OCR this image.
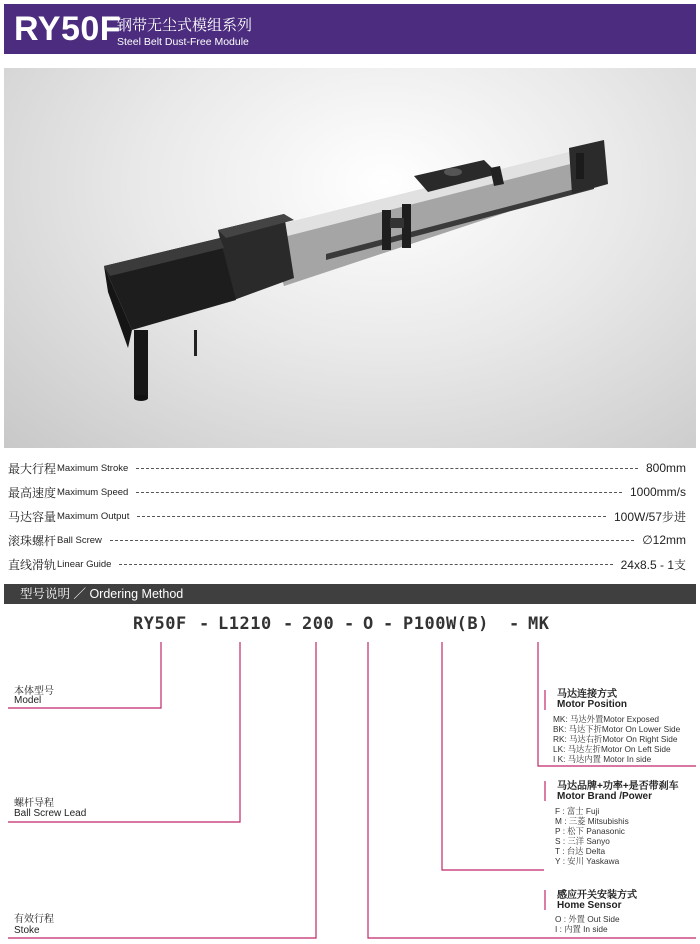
RY50F
钢带无尘式模组系列
Steel Belt Dust-Free Module
最大行程 Maximum Stroke	800mm
最高速度 Maximum Speed	1000mm/s
马达容量 Maximum Output	100W/57步进
滚珠螺杆 Ball Screw	∅12mm
直线滑轨 Linear Guide	24x8.5 - 1支
型号说明 ／ Ordering Method
RY50F - L1210 - 200 - O - P100W(B) - MK
本体型号
Model
螺杆导程
Ball Screw Lead
有效行程
Stoke
马达连接方式
Motor Position
MK: 马达外置Motor Exposed
BK: 马达下折Motor On Lower Side
RK: 马达右折Motor On Right Side
LK: 马达左折Motor On Left Side
I K: 马达内置 Motor In side
马达品牌+功率+是否带刹车
Motor Brand /Power
F : 富士 Fuji
M : 三菱 Mitsubishis
P : 松下 Panasonic
S : 三洋 Sanyo
T : 台达 Delta
Y : 安川 Yaskawa
感应开关安装方式
Home Sensor
O : 外置 Out Side
I : 内置 In side
